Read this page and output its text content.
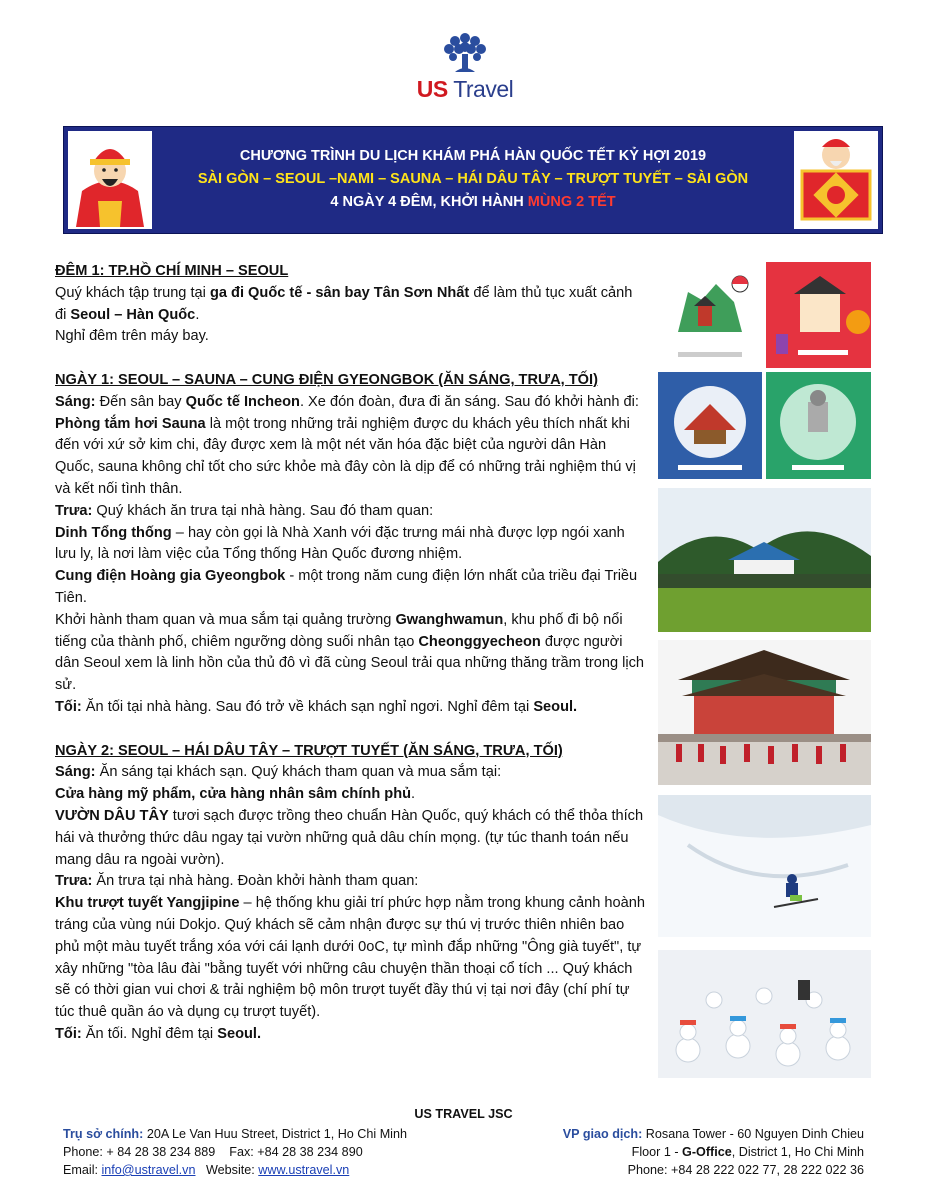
US Travel
CHƯƠNG TRÌNH DU LỊCH KHÁM PHÁ HÀN QUỐC TẾT KỶ HỢI 2019
SÀI GÒN – SEOUL –NAMI – SAUNA – HÁI DÂU TÂY – TRƯỢT TUYẾT – SÀI GÒN
4 NGÀY 4 ĐÊM, KHỞI HÀNH MÙNG 2 TẾT

ĐÊM 1: TP.HỒ CHÍ MINH – SEOUL

Quý khách tập trung tại ga đi Quốc tế - sân bay Tân Sơn Nhất để làm thủ tục xuất cảnh đi Seoul – Hàn Quốc.

Nghỉ đêm trên máy bay.

NGÀY 1: SEOUL – SAUNA – CUNG ĐIỆN GYEONGBOK (ĂN SÁNG, TRƯA, TỐI)

Sáng: Đến sân bay Quốc tế Incheon. Xe đón đoàn, đưa đi ăn sáng. Sau đó khởi hành đi:

Phòng tắm hơi Sauna là một trong những trải nghiệm được du khách yêu thích nhất khi đến với xứ sở kim chi, đây được xem là một nét văn hóa đặc biệt của người dân Hàn Quốc, sauna không chỉ tốt cho sức khỏe mà đây còn là dịp để có những trải nghiệm thú vị và kết nối tình thân.

Trưa: Quý khách ăn trưa tại nhà hàng. Sau đó tham quan:

Dinh Tổng thống – hay còn gọi là Nhà Xanh với đặc trưng mái nhà được lợp ngói xanh lưu ly, là nơi làm việc của Tổng thống Hàn Quốc đương nhiệm.

Cung điện Hoàng gia Gyeongbok - một trong năm cung điện lớn nhất của triều đại Triều Tiên.

Khởi hành tham quan và mua sắm tại quảng trường Gwanghwamun, khu phố đi bộ nổi tiếng của thành phố, chiêm ngưỡng dòng suối nhân tạo Cheonggyecheon được người dân Seoul xem là linh hồn của thủ đô vì đã cùng Seoul trải qua những thăng trầm trong lịch sử.

Tối: Ăn tối tại nhà hàng. Sau đó trở về khách sạn nghỉ ngơi. Nghỉ đêm tại Seoul.

NGÀY 2: SEOUL – HÁI DÂU TÂY – TRƯỢT TUYẾT (ĂN SÁNG, TRƯA, TỐI)

Sáng: Ăn sáng tại khách sạn. Quý khách tham quan và mua sắm tại:

Cửa hàng mỹ phẩm, cửa hàng nhân sâm chính phủ.

VƯỜN DÂU TÂY tươi sạch được trồng theo chuẩn Hàn Quốc, quý khách có thể thỏa thích hái và thưởng thức dâu ngay tại vườn những quả dâu chín mọng. (tự túc thanh toán nếu mang dâu ra ngoài vườn).

Trưa: Ăn trưa tại nhà hàng. Đoàn khởi hành tham quan:

Khu trượt tuyết Yangjipine – hệ thống khu giải trí phức hợp nằm trong khung cảnh hoành tráng của vùng núi Dokjo. Quý khách sẽ cảm nhận được sự thú vị trước thiên nhiên bao phủ một màu tuyết trắng xóa với cái lạnh dưới 0oC, tự mình đắp những "Ông già tuyết", tự xây những "tòa lâu đài "bằng tuyết với những câu chuyện thần thoại cổ tích ... Quý khách sẽ có thời gian vui chơi & trải nghiệm bộ môn trượt tuyết đầy thú vị tại nơi đây (chí phí tự túc thuê quần áo và dụng cụ trượt tuyết).

Tối: Ăn tối. Nghỉ đêm tại Seoul.

US TRAVEL JSC
Trụ sở chính: 20A Le Van Huu Street, District 1, Ho Chi Minh
Phone: + 84 28 38 234 889    Fax: +84 28 38 234 890
Email: info@ustravel.vn   Website: www.ustravel.vn
VP giao dịch: Rosana Tower - 60 Nguyen Dinh Chieu
Floor 1 - G-Office, District 1, Ho Chi Minh
Phone: +84 28 222 022 77, 28 222 022 36
